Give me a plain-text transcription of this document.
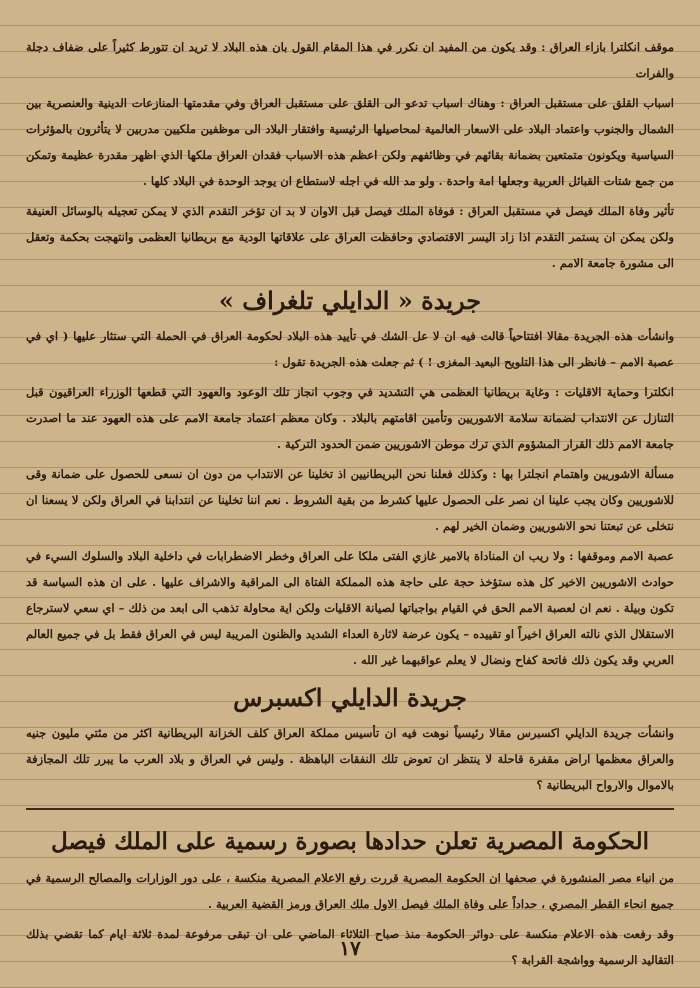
موقف انكلترا بازاء العراق : وقد يكون من المفيد ان نكرر في هذا المقام القول بان هذه البلاد لا تريد ان تتورط كثيراً على ضفاف دجلة والفرات

اسباب القلق على مستقبل العراق : وهناك اسباب تدعو الى القلق على مستقبل العراق وفي مقدمتها المنازعات الدينية والعنصرية بين الشمال والجنوب واعتماد البلاد على الاسعار العالمية لمحاصيلها الرئيسية وافتقار البلاد الى موظفين ملكيين مدربين لا يتأثرون بالمؤثرات السياسية ويكونون متمتعين بضمانة بقائهم في وظائفهم ولكن اعظم هذه الاسباب فقدان العراق ملكها الذي اظهر مقدرة عظيمة وتمكن من جمع شتات القبائل العربية وجعلها امة واحدة . ولو مد الله في اجله لاستطاع ان يوجد الوحدة في البلاد كلها .

تأثير وفاة الملك فيصل في مستقبل العراق : فوفاة الملك فيصل قبل الاوان لا بد ان تؤخر التقدم الذي لا يمكن تعجيله بالوسائل العنيفة ولكن يمكن ان يستمر التقدم اذا زاد اليسر الاقتصادي وحافظت العراق على علاقاتها الودية مع بريطانيا العظمى وانتهجت بحكمة وتعقل الى مشورة جامعة الامم .

جريدة « الدايلي تلغراف »

وانشأت هذه الجريدة مقالا افتتاحياً قالت فيه ان لا عل الشك في تأييد هذه البلاد لحكومة العراق في الحملة التي ستثار عليها ( اي في عصبة الامم – فانظر الى هذا التلويح البعيد المغزى ! ) ثم جعلت هذه الجريدة تقول :

انكلترا وحماية الاقليات : وغاية بريطانيا العظمى هي التشديد في وجوب انجاز تلك الوعود والعهود التي قطعها الوزراء العراقيون قبل التنازل عن الانتداب لضمانة سلامة الاشوريين وتأمين اقامتهم بالبلاد . وكان معظم اعتماد جامعة الامم على هذه العهود عند ما اصدرت جامعة الامم ذلك القرار المشؤوم الذي ترك موطن الاشوريين ضمن الحدود التركية .

مسألة الاشوريين واهتمام انجلترا بها : وكذلك فعلنا نحن البريطانيين اذ تخلينا عن الانتداب من دون ان نسعى للحصول على ضمانة وقى للاشوريين وكان يجب علينا ان نصر على الحصول عليها كشرط من بقية الشروط . نعم اننا تخلينا عن انتدابنا في العراق ولكن لا يسعنا ان نتخلى عن تبعتنا نحو الاشوريين وضمان الخير لهم .

عصبة الامم وموقفها : ولا ريب ان المناداة بالامير غازي الفتى ملكا على العراق وخطر الاضطرابات في داخلية البلاد والسلوك السيء في حوادث الاشوريين الاخير كل هذه ستؤخذ حجة على حاجة هذه المملكة الفتاة الى المراقبة والاشراف عليها . على ان هذه السياسة قد تكون وبيلة . نعم ان لعصبة الامم الحق في القيام بواجباتها لصيانة الاقليات ولكن اية محاولة تذهب الى ابعد من ذلك – اي سعي لاسترجاع الاستقلال الذي نالته العراق اخيراً او تقييده – يكون عرضة لاثارة العداء الشديد والظنون المريبة ليس في العراق فقط بل في جميع العالم العربي وقد يكون ذلك فاتحة كفاح ونضال لا يعلم عواقبهما غير الله .

جريدة الدايلي اكسبرس

وانشأت جريدة الدايلي اكسبرس مقالا رئيسياً نوهت فيه ان تأسيس مملكة العراق كلف الخزانة البريطانية اكثر من مئتي مليون جنيه والعراق معظمها اراض مقفرة قاحلة لا ينتظر ان تعوض تلك النفقات الباهظة . وليس في العراق و بلاد العرب ما يبرر تلك المجازفة بالاموال والارواح البريطانية ؟

الحكومة المصرية تعلن حدادها بصورة رسمية على الملك فيصل

من انباء مصر المنشورة في صحفها ان الحكومة المصرية قررت رفع الاعلام المصرية منكسة ، على دور الوزارات والمصالح الرسمية في جميع انحاء القطر المصري ، حداداً على وفاة الملك فيصل الاول ملك العراق ورمز القضية العربية .

وقد رفعت هذه الاعلام منكسة على دوائر الحكومة منذ صباح الثلاثاء الماضي على ان تبقى مرفوعة لمدة ثلاثة ايام كما تقضي بذلك التقاليد الرسمية وواشجة القرابة ؟

١٧
